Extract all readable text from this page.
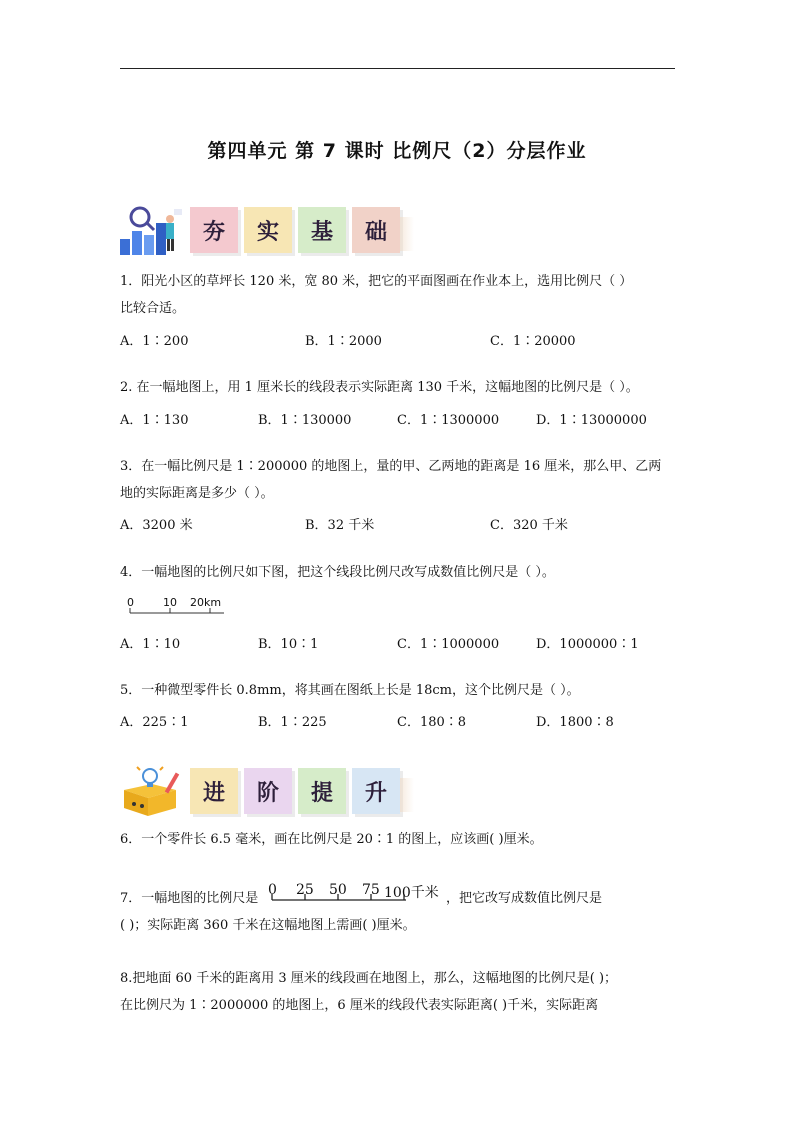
第四单元 第 7 课时 比例尺（2）分层作业
夯	实	基	础
1．阳光小区的草坪长 120 米，宽 80 米，把它的平面图画在作业本上，选用比例尺（ ）
比较合适。
A．1∶200	B．1∶2000	C．1∶20000
2. 在一幅地图上，用 1 厘米长的线段表示实际距离 130 千米，这幅地图的比例尺是（ ）。
A．1∶130	B．1∶130000	C．1∶1300000	D．1∶13000000
3．在一幅比例尺是 1∶200000 的地图上，量的甲、乙两地的距离是 16 厘米，那么甲、乙两
地的实际距离是多少（ ）。
A．3200 米	B．32 千米	C．320 千米
4．一幅地图的比例尺如下图，把这个线段比例尺改写成数值比例尺是（ ）。
0	10 20km
A．1∶10	B．10∶1	C．1∶1000000	D．1000000∶1
5．一种微型零件长 0.8mm，将其画在图纸上长是 18cm，这个比例尺是（ ）。
A．225∶1	B．1∶225	C．180∶8	D．1800∶8
进	阶	提	升
6．一个零件长 6.5 毫米，画在比例尺是 20∶1 的图上，应该画( )厘米。
7．一幅地图的比例尺是
0 25 50 75 100千米 ，把它改写成数值比例尺是
( )；实际距离 360 千米在这幅地图上需画( )厘米。
8.把地面 60 千米的距离用 3 厘米的线段画在地图上，那么，这幅地图的比例尺是( )；
在比例尺为 1∶2000000 的地图上，6 厘米的线段代表实际距离( )千米，实际距离
